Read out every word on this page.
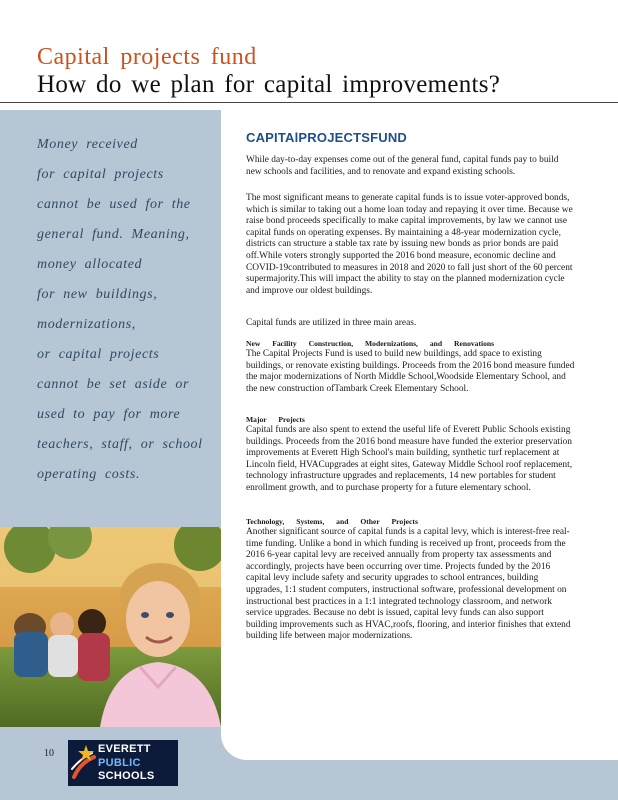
Capital projects fund
How do we plan for capital improvements?

Money received
for capital projects
cannot be used for the
general fund. Meaning,
money allocated
for new buildings,
modernizations,
or capital projects
cannot be set aside or
used to pay for more
teachers, staff, or school
operating costs.

CAPITAlPROJECTSFUND

While day-to-day expenses come out of the general fund, capital funds pay to build new schools and facilities, and to renovate and expand existing schools.

The most significant means to generate capital funds is to issue voter-approved bonds, which is similar to taking out a home loan today and repaying it over time. Because we raise bond proceeds specifically to make capital improvements, by law we cannot use capital funds on operating expenses. By maintaining a 48-year modernization cycle, districts can structure a stable tax rate by issuing new bonds as prior bonds are paid off.While voters strongly supported the 2016 bond measure, economic decline and COVID-19contributed to measures in 2018 and 2020 to fall just short of the 60 percent supermajority.This will impact the ability to stay on the planned modernization cycle and improve our oldest buildings.

Capital funds are utilized in three main areas.

New Facility Construction, Modernizations, and Renovations
The Capital Projects Fund is used to build new buildings, add space to existing buildings, or renovate existing buildings. Proceeds from the 2016 bond measure funded the major modernizations of North Middle School,Woodside Elementary School, and the new construction ofTambark Creek Elementary School.
Major Projects
Capital funds are also spent to extend the useful life of Everett Public Schools existing buildings. Proceeds from the 2016 bond measure have funded the exterior preservation improvements at Everett High School's main building, synthetic turf replacement at Lincoln field, HVACupgrades at eight sites, Gateway Middle School roof replacement, technology infrastructure upgrades and replacements, 14 new portables for student enrollment growth, and to purchase property for a future elementary school.
Technology, Systems, and Other Projects
Another significant source of capital funds is a capital levy, which is interest-free real-time funding. Unlike a bond in which funding is received up front, proceeds from the 2016 6-year capital levy are received annually from property tax assessments and accordingly, projects have been occurring over time. Projects funded by the 2016 capital levy include safety and security upgrades to school entrances, building upgrades, 1:1 student computers, instructional software, professional development on instructional best practices in a 1:1 integrated technology classroom, and network service upgrades. Because no debt is issued, capital levy funds can also support building improvements such as HVAC,roofs, flooring, and interior finishes that extend building life between major modernizations.
10	EVERETT
PUBLIC
SCHOOLS
